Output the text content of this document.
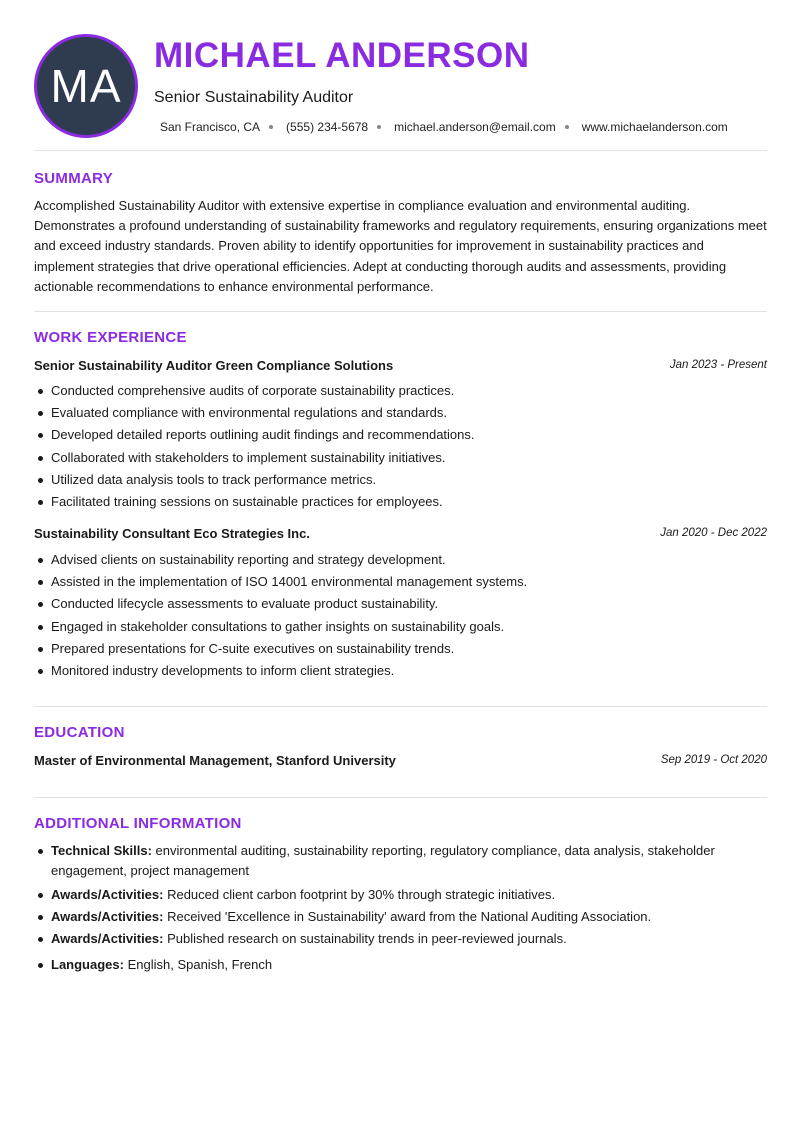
MA
MICHAEL ANDERSON
Senior Sustainability Auditor
San Francisco, CA (555) 234-5678 michael.anderson@email.com www.michaelanderson.com
SUMMARY

Accomplished Sustainability Auditor with extensive expertise in compliance evaluation and environmental auditing. Demonstrates a profound understanding of sustainability frameworks and regulatory requirements, ensuring organizations meet and exceed industry standards. Proven ability to identify opportunities for improvement in sustainability practices and implement strategies that drive operational efficiencies. Adept at conducting thorough audits and assessments, providing actionable recommendations to enhance environmental performance.

WORK EXPERIENCE
Senior Sustainability Auditor Green Compliance Solutions	Jan 2023 - Present
Conducted comprehensive audits of corporate sustainability practices.
Evaluated compliance with environmental regulations and standards.
Developed detailed reports outlining audit findings and recommendations.
Collaborated with stakeholders to implement sustainability initiatives.
Utilized data analysis tools to track performance metrics.
Facilitated training sessions on sustainable practices for employees.
Sustainability Consultant Eco Strategies Inc.	Jan 2020 - Dec 2022
Advised clients on sustainability reporting and strategy development.
Assisted in the implementation of ISO 14001 environmental management systems.
Conducted lifecycle assessments to evaluate product sustainability.
Engaged in stakeholder consultations to gather insights on sustainability goals.
Prepared presentations for C-suite executives on sustainability trends.
Monitored industry developments to inform client strategies.
EDUCATION
Master of Environmental Management, Stanford University	Sep 2019 - Oct 2020
ADDITIONAL INFORMATION
Technical Skills: environmental auditing, sustainability reporting, regulatory compliance, data analysis, stakeholder engagement, project management
Awards/Activities: Reduced client carbon footprint by 30% through strategic initiatives.
Awards/Activities: Received 'Excellence in Sustainability' award from the National Auditing Association.
Awards/Activities: Published research on sustainability trends in peer-reviewed journals.
Languages: English, Spanish, French
